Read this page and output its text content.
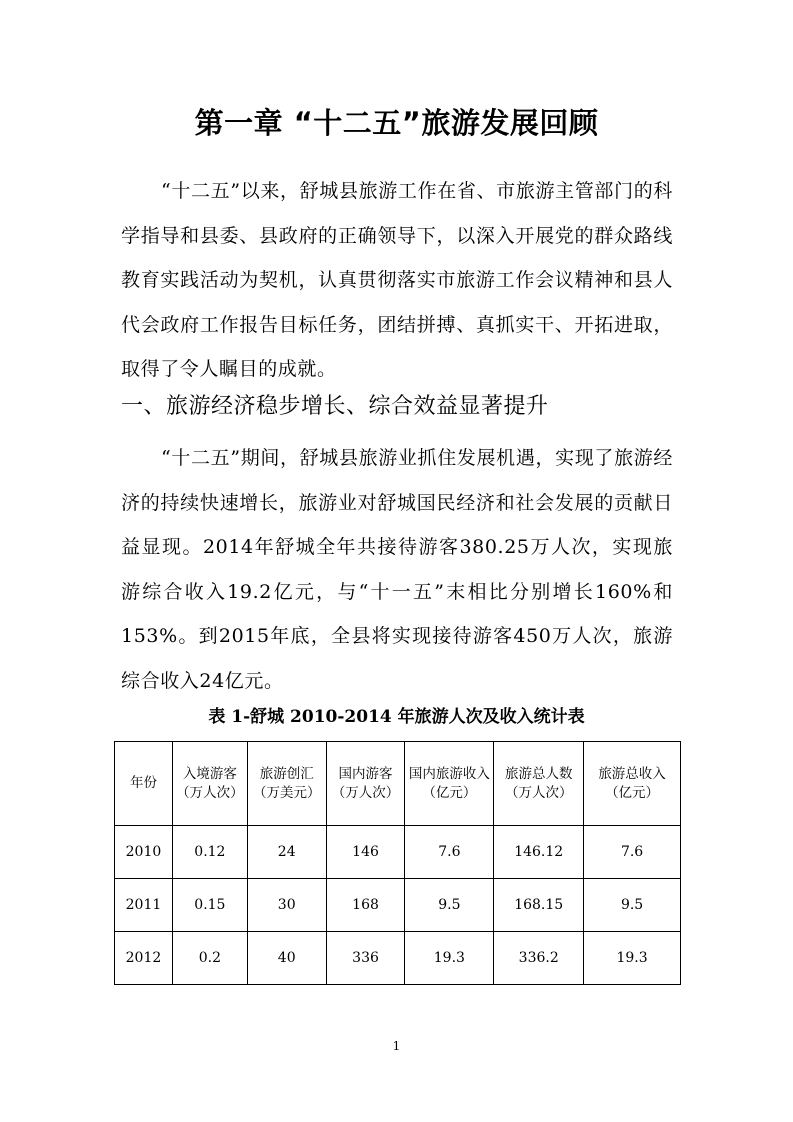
第一章 “十二五”旅游发展回顾

“十二五”以来，舒城县旅游工作在省、市旅游主管部门的科学指导和县委、县政府的正确领导下，以深入开展党的群众路线教育实践活动为契机，认真贯彻落实市旅游工作会议精神和县人代会政府工作报告目标任务，团结拼搏、真抓实干、开拓进取，取得了令人瞩目的成就。

一、旅游经济稳步增长、综合效益显著提升

“十二五”期间，舒城县旅游业抓住发展机遇，实现了旅游经济的持续快速增长，旅游业对舒城国民经济和社会发展的贡献日益显现。2014年舒城全年共接待游客380.25万人次，实现旅游综合收入19.2亿元，与“十一五”末相比分别增长160%和153%。到2015年底，全县将实现接待游客450万人次，旅游综合收入24亿元。

表 1-舒城 2010-2014 年旅游人次及收入统计表
年份	入境游客（万人次）	旅游创汇（万美元）	国内游客（万人次）	国内旅游收入（亿元）	旅游总人数（万人次）	旅游总收入（亿元）
2010	0.12	24	146	7.6	146.12	7.6
2011	0.15	30	168	9.5	168.15	9.5
2012	0.2	40	336	19.3	336.2	19.3
1
